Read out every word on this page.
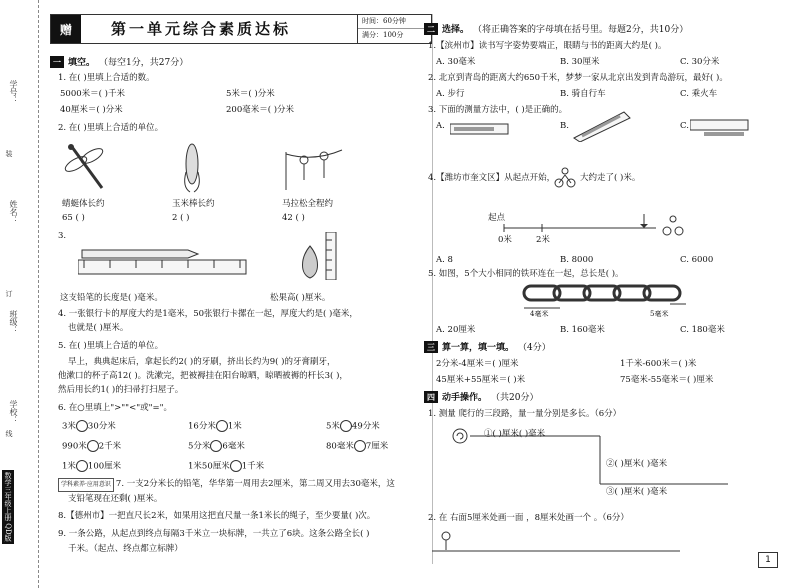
学号：
装
姓名：
订
班级：
学校：
线
数学三年级上册 QD版
赠	第一单元综合素质达标	时间：60分钟
满分：100分
一 填空。 （每空1分，共27分）
1. 在( )里填上合适的数。
5000米＝( )千米	5米＝( )分米
40厘米＝( )分米	200毫米＝( )分米
2. 在( )里填上合适的单位。
蜻蜓体长约	玉米棒长约	马拉松全程约
65 ( )	2 ( )	42 ( )
3.
这支铅笔的长度是( )毫米。	松果高( )厘米。
4. 一张银行卡的厚度大约是1毫米，50张银行卡摞在一起，厚度大约是( )毫米，
也就是( )厘米。
5. 在( )里填上合适的单位。
早上，典典起床后，拿起长约2( )的牙刷，挤出长约为9( )的牙膏刷牙，
他漱口的杯子高12( )。洗漱完，把被褥挂在阳台晾晒，晾晒被褥的杆长3( )，
然后用长约1( )的扫帚打扫屋子。
6. 在○里填上">""<"或"="。
3米 30分米	16分米 1米	5米 49分米
990米 2千米	5分米 6毫米	80毫米 7厘米
1米 100厘米	1米50厘米 1千米
学科素养·应用意识 7. 一支2分米长的铅笔，华华第一周用去2厘米，第二周又用去30毫米，这
支铅笔现在还剩( )厘米。
8.【德州市】一把直尺长2米，如果用这把直尺量一条1米长的绳子，至少要量( )次。
9. 一条公路，从起点到终点每隔3千米立一块标牌，一共立了6块。这条公路全长( )
千米。（起点、终点都立标牌）
二 选择。 （将正确答案的字母填在括号里。每题2分，共10分）
1.【滨州市】读书写字姿势要端正，眼睛与书的距离大约是( )。
A. 30毫米	B. 30厘米	C. 30分米
2. 北京到青岛的距离大约650千米，梦梦一家从北京出发到青岛游玩，最好( )。
A. 步行	B. 骑自行车	C. 乘火车
3. 下面的测量方法中，( )是正确的。
A.	B.	C.
4.【潍坊市奎文区】从起点开始，	大约走了( )米。
起点
0米	2米
A. 8	B. 8000	C. 6000
5. 如图，5个大小相同的铁环连在一起，总长是( )。
4毫米	5毫米
A. 20厘米	B. 160毫米	C. 180毫米
三 算一算，填一填。 （4分）
2分米-4厘米＝( )厘米	1千米-600米＝( )米
45厘米+55厘米＝( )米	75毫米-55毫米＝( )厘米
四 动手操作。 （共20分）
1. 测量 爬行的三段路，量一量分别是多长。（6分）
①( )厘米( )毫米
②( )厘米( )毫米
③( )厘米( )毫米
2. 在 右面5厘米处画一面 ，8厘米处画一个 。（6分）
1
